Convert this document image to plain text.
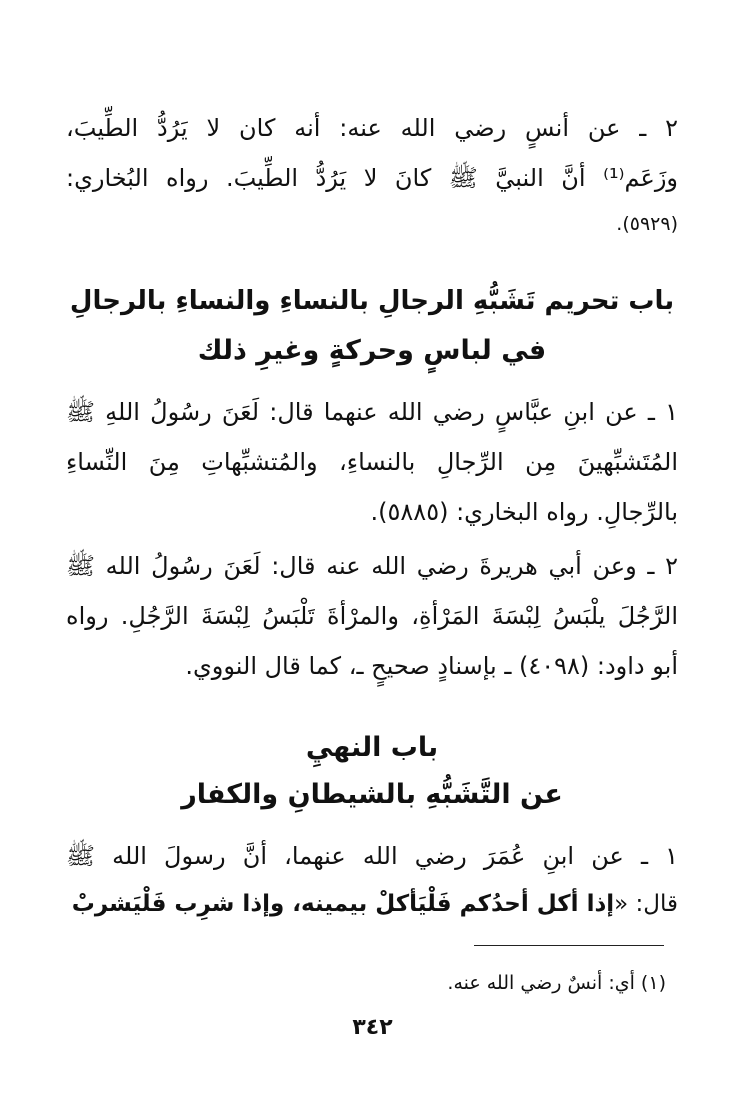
٢ ـ عن أنسٍ رضي الله عنه: أنه كان لا يَرُدُّ الطِّيبَ،
وزَعَم⁽¹⁾ أنَّ النبيَّ ﷺ كانَ لا يَرُدُّ الطِّيبَ. رواه البُخاري:
(٥٩٢٩).
باب تحريم تَشَبُّهِ الرجالِ بالنساءِ والنساءِ بالرجالِ
في لباسٍ وحركةٍ وغيرِ ذلك
١ ـ عن ابنِ عبَّاسٍ رضي الله عنهما قال: لَعَنَ رسُولُ اللهِ ﷺ
المُتَشبِّهينَ مِن الرِّجالِ بالنساءِ، والمُتشبِّهاتِ مِنَ النِّساءِ
بالرِّجالِ. رواه البخاري: (٥٨٨٥).
٢ ـ وعن أبي هريرةَ رضي الله عنه قال: لَعَنَ رسُولُ الله ﷺ
الرَّجُلَ يلْبَسُ لِبْسَةَ المَرْأةِ، والمرْأةَ تَلْبَسُ لِبْسَةَ الرَّجُلِ. رواه
أبو داود: (٤٠٩٨) ـ بإسنادٍ صحيحٍ ـ، كما قال النووي.
باب النهيِ
عن التَّشَبُّهِ بالشيطانِ والكفار
١ ـ عن ابنِ عُمَرَ رضي الله عنهما، أنَّ رسولَ الله ﷺ
قال: «إذا أكل أحدُكم فَلْيَأكلْ بيمينه، وإذا شرِب فَلْيَشربْ
(١) أي: أنسٌ رضي الله عنه.
٣٤٢
